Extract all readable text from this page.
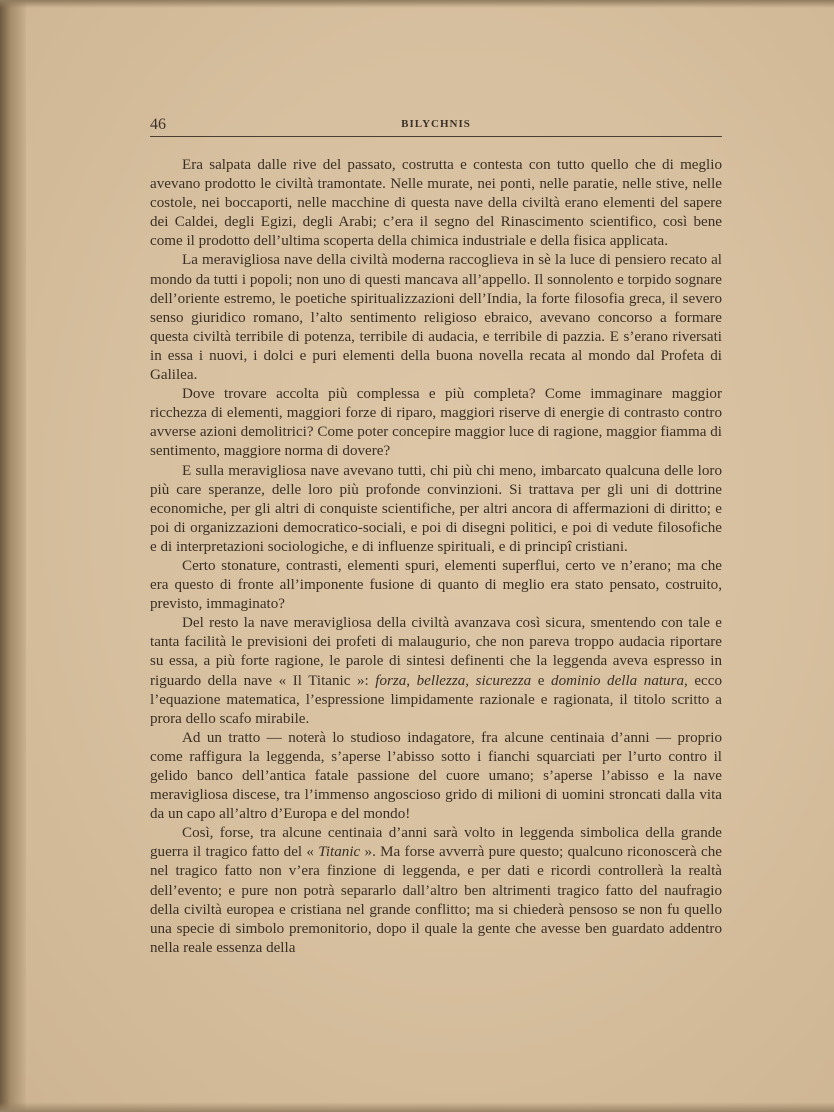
46	BILYCHNIS

Era salpata dalle rive del passato, costrutta e contesta con tutto quello che di meglio avevano prodotto le civiltà tramontate. Nelle murate, nei ponti, nelle paratie, nelle stive, nelle costole, nei boccaporti, nelle macchine di questa nave della civiltà erano elementi del sapere dei Caldei, degli Egizi, degli Arabi; c’era il segno del Rinascimento scientifico, così bene come il prodotto dell’ultima scoperta della chimica industriale e della fisica applicata.

La meravigliosa nave della civiltà moderna raccoglieva in sè la luce di pensiero recato al mondo da tutti i popoli; non uno di questi mancava all’appello. Il sonnolento e torpido sognare dell’oriente estremo, le poetiche spiritualizzazioni dell’India, la forte filosofia greca, il severo senso giuridico romano, l’alto sentimento religioso ebraico, avevano concorso a formare questa civiltà terribile di potenza, terribile di audacia, e terribile di pazzia. E s’erano riversati in essa i nuovi, i dolci e puri elementi della buona novella recata al mondo dal Profeta di Galilea.

Dove trovare accolta più complessa e più completa? Come immaginare maggior ricchezza di elementi, maggiori forze di riparo, maggiori riserve di energie di contrasto contro avverse azioni demolitrici? Come poter concepire maggior luce di ragione, maggior fiamma di sentimento, maggiore norma di dovere?

E sulla meravigliosa nave avevano tutti, chi più chi meno, imbarcato qualcuna delle loro più care speranze, delle loro più profonde convinzioni. Si trattava per gli uni di dottrine economiche, per gli altri di conquiste scientifiche, per altri ancora di affermazioni di diritto; e poi di organizzazioni democratico-sociali, e poi di disegni politici, e poi di vedute filosofiche e di interpretazioni sociologiche, e di influenze spirituali, e di principî cristiani.

Certo stonature, contrasti, elementi spuri, elementi superflui, certo ve n’erano; ma che era questo di fronte all’imponente fusione di quanto di meglio era stato pensato, costruito, previsto, immaginato?

Del resto la nave meravigliosa della civiltà avanzava così sicura, smentendo con tale e tanta facilità le previsioni dei profeti di malaugurio, che non pareva troppo audacia riportare su essa, a più forte ragione, le parole di sintesi definenti che la leggenda aveva espresso in riguardo della nave « Il Titanic »: forza, bellezza, sicurezza e dominio della natura, ecco l’equazione matematica, l’espressione limpidamente razionale e ragionata, il titolo scritto a prora dello scafo mirabile.

Ad un tratto — noterà lo studioso indagatore, fra alcune centinaia d’anni — proprio come raffigura la leggenda, s’aperse l’abisso sotto i fianchi squarciati per l’urto contro il gelido banco dell’antica fatale passione del cuore umano; s’aperse l’abisso e la nave meravigliosa discese, tra l’immenso angoscioso grido di milioni di uomini stroncati dalla vita da un capo all’altro d’Europa e del mondo!

Così, forse, tra alcune centinaia d’anni sarà volto in leggenda simbolica della grande guerra il tragico fatto del « Titanic ». Ma forse avverrà pure questo; qualcuno riconoscerà che nel tragico fatto non v’era finzione di leggenda, e per dati e ricordi controllerà la realtà dell’evento; e pure non potrà separarlo dall’altro ben altrimenti tragico fatto del naufragio della civiltà europea e cristiana nel grande conflitto; ma si chiederà pensoso se non fu quello una specie di simbolo premonitorio, dopo il quale la gente che avesse ben guardato addentro nella reale essenza della
